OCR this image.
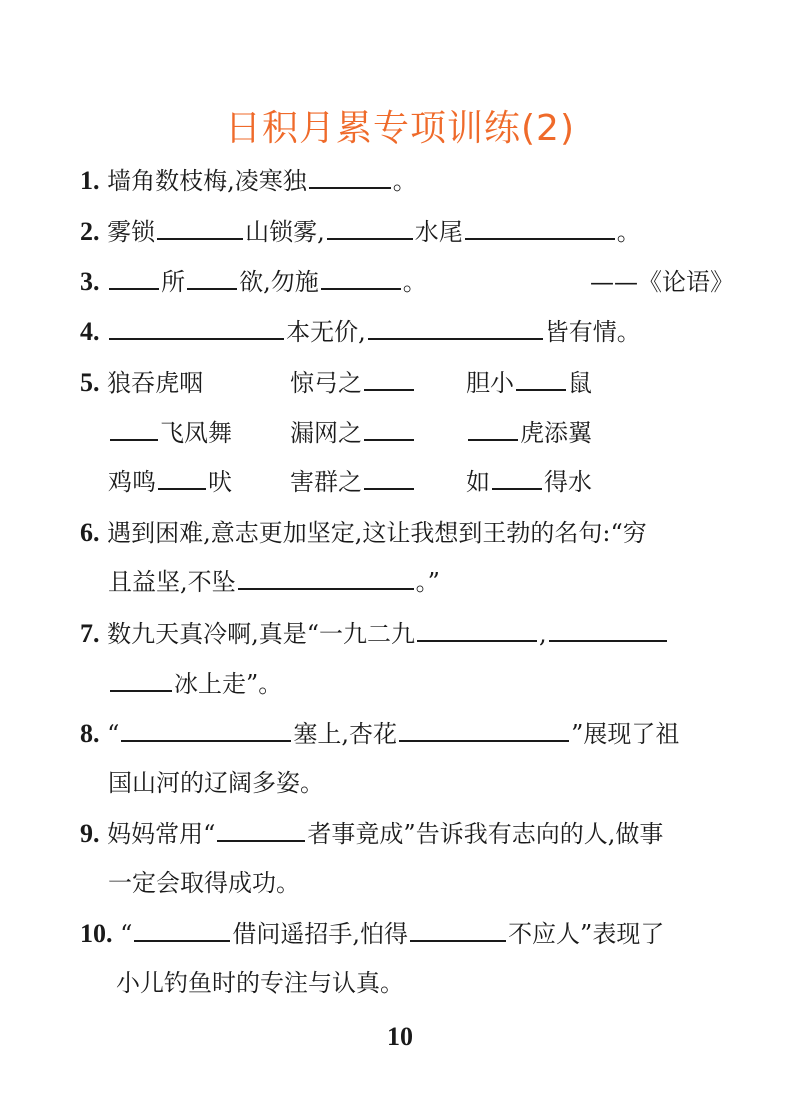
日积月累专项训练(2)
1. 墙角数枝梅,凌寒独	。
2. 雾锁	山锁雾,	水尾	。
3.	所 欲,勿施	。	——《论语》
4.	本无价,	皆有情。
5. 狼吞虎咽	惊弓之	胆小 鼠
飞凤舞 漏网之	虎添翼
鸡鸣 吠 害群之	如 得水
6. 遇到困难,意志更加坚定,这让我想到王勃的名句:“穷
且益坚,不坠	。”
7. 数九天真冷啊,真是“一九二九	,
冰上走”。
8. “	塞上,杏花	”展现了祖
国山河的辽阔多姿。
9. 妈妈常用“	者事竟成”告诉我有志向的人,做事
一定会取得成功。
10. “	借问遥招手,怕得	不应人”表现了
小儿钓鱼时的专注与认真。
10
